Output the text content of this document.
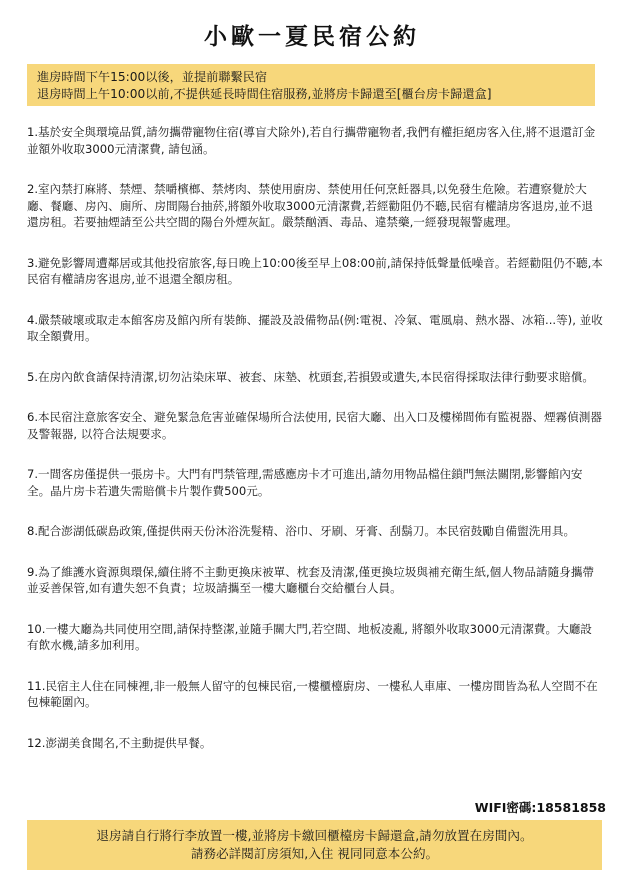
小歐一夏民宿公約
進房時間下午15:00以後，並提前聯繫民宿
退房時間上午10:00以前,不提供延長時間住宿服務,並將房卡歸還至[櫃台房卡歸還盒]

1.基於安全與環境品質,請勿攜帶寵物住宿(導盲犬除外),若自行攜帶寵物者,我們有權拒絕房客入住,將不退還訂金並額外收取3000元清潔費, 請包涵。

2.室內禁打麻將、禁煙、禁嚼檳榔、禁烤肉、禁使用廚房、禁使用任何烹飪器具,以免發生危險。若遭察覺於大廳、餐廳、房內、廁所、房間陽台抽菸,將額外收取3000元清潔費,若經勸阻仍不聽,民宿有權請房客退房,並不退還房租。若要抽煙請至公共空間的陽台外煙灰缸。嚴禁酗酒、毒品、違禁藥,一經發現報警處理。

3.避免影響周遭鄰居或其他投宿旅客,每日晚上10:00後至早上08:00前,請保持低聲量低噪音。若經勸阻仍不聽,本民宿有權請房客退房,並不退還全額房租。

4.嚴禁破壞或取走本館客房及館內所有裝飾、擺設及設備物品(例:電視、冷氣、電風扇、熱水器、冰箱...等), 並收取全額費用。

5.在房內飲食請保持清潔,切勿沾染床單、被套、床墊、枕頭套,若損毀或遺失,本民宿得採取法律行動要求賠償。

6.本民宿注意旅客安全、避免緊急危害並確保場所合法使用, 民宿大廳、出入口及樓梯間佈有監視器、煙霧偵測器及警報器, 以符合法規要求。

7.一間客房僅提供一張房卡。大門有門禁管理,需感應房卡才可進出,請勿用物品檔住鎖門無法關閉,影響館內安全。晶片房卡若遺失需賠償卡片製作費500元。

8.配合澎湖低碳島政策,僅提供兩天份沐浴洗髮精、浴巾、牙刷、牙膏、刮鬍刀。本民宿鼓勵自備盥洗用具。

9.為了維護水資源與環保,續住將不主動更換床被單、枕套及清潔,僅更換垃圾與補充衛生紙,個人物品請隨身攜帶並妥善保管,如有遺失恕不負責；垃圾請攜至一樓大廳櫃台交給櫃台人員。

10.一樓大廳為共同使用空間,請保持整潔,並隨手關大門,若空間、地板凌亂, 將額外收取3000元清潔費。大廳設有飲水機,請多加利用。

11.民宿主人住在同棟裡,非一般無人留守的包棟民宿,一樓櫃檯廚房、一樓私人車庫、一樓房間皆為私人空間不在包棟範圍內。

12.澎湖美食聞名,不主動提供早餐。

WIFI密碼:18581858
退房請自行將行李放置一樓,並將房卡繳回櫃檯房卡歸還盒,請勿放置在房間內。
請務必詳閱訂房須知,入住 視同同意本公約。
